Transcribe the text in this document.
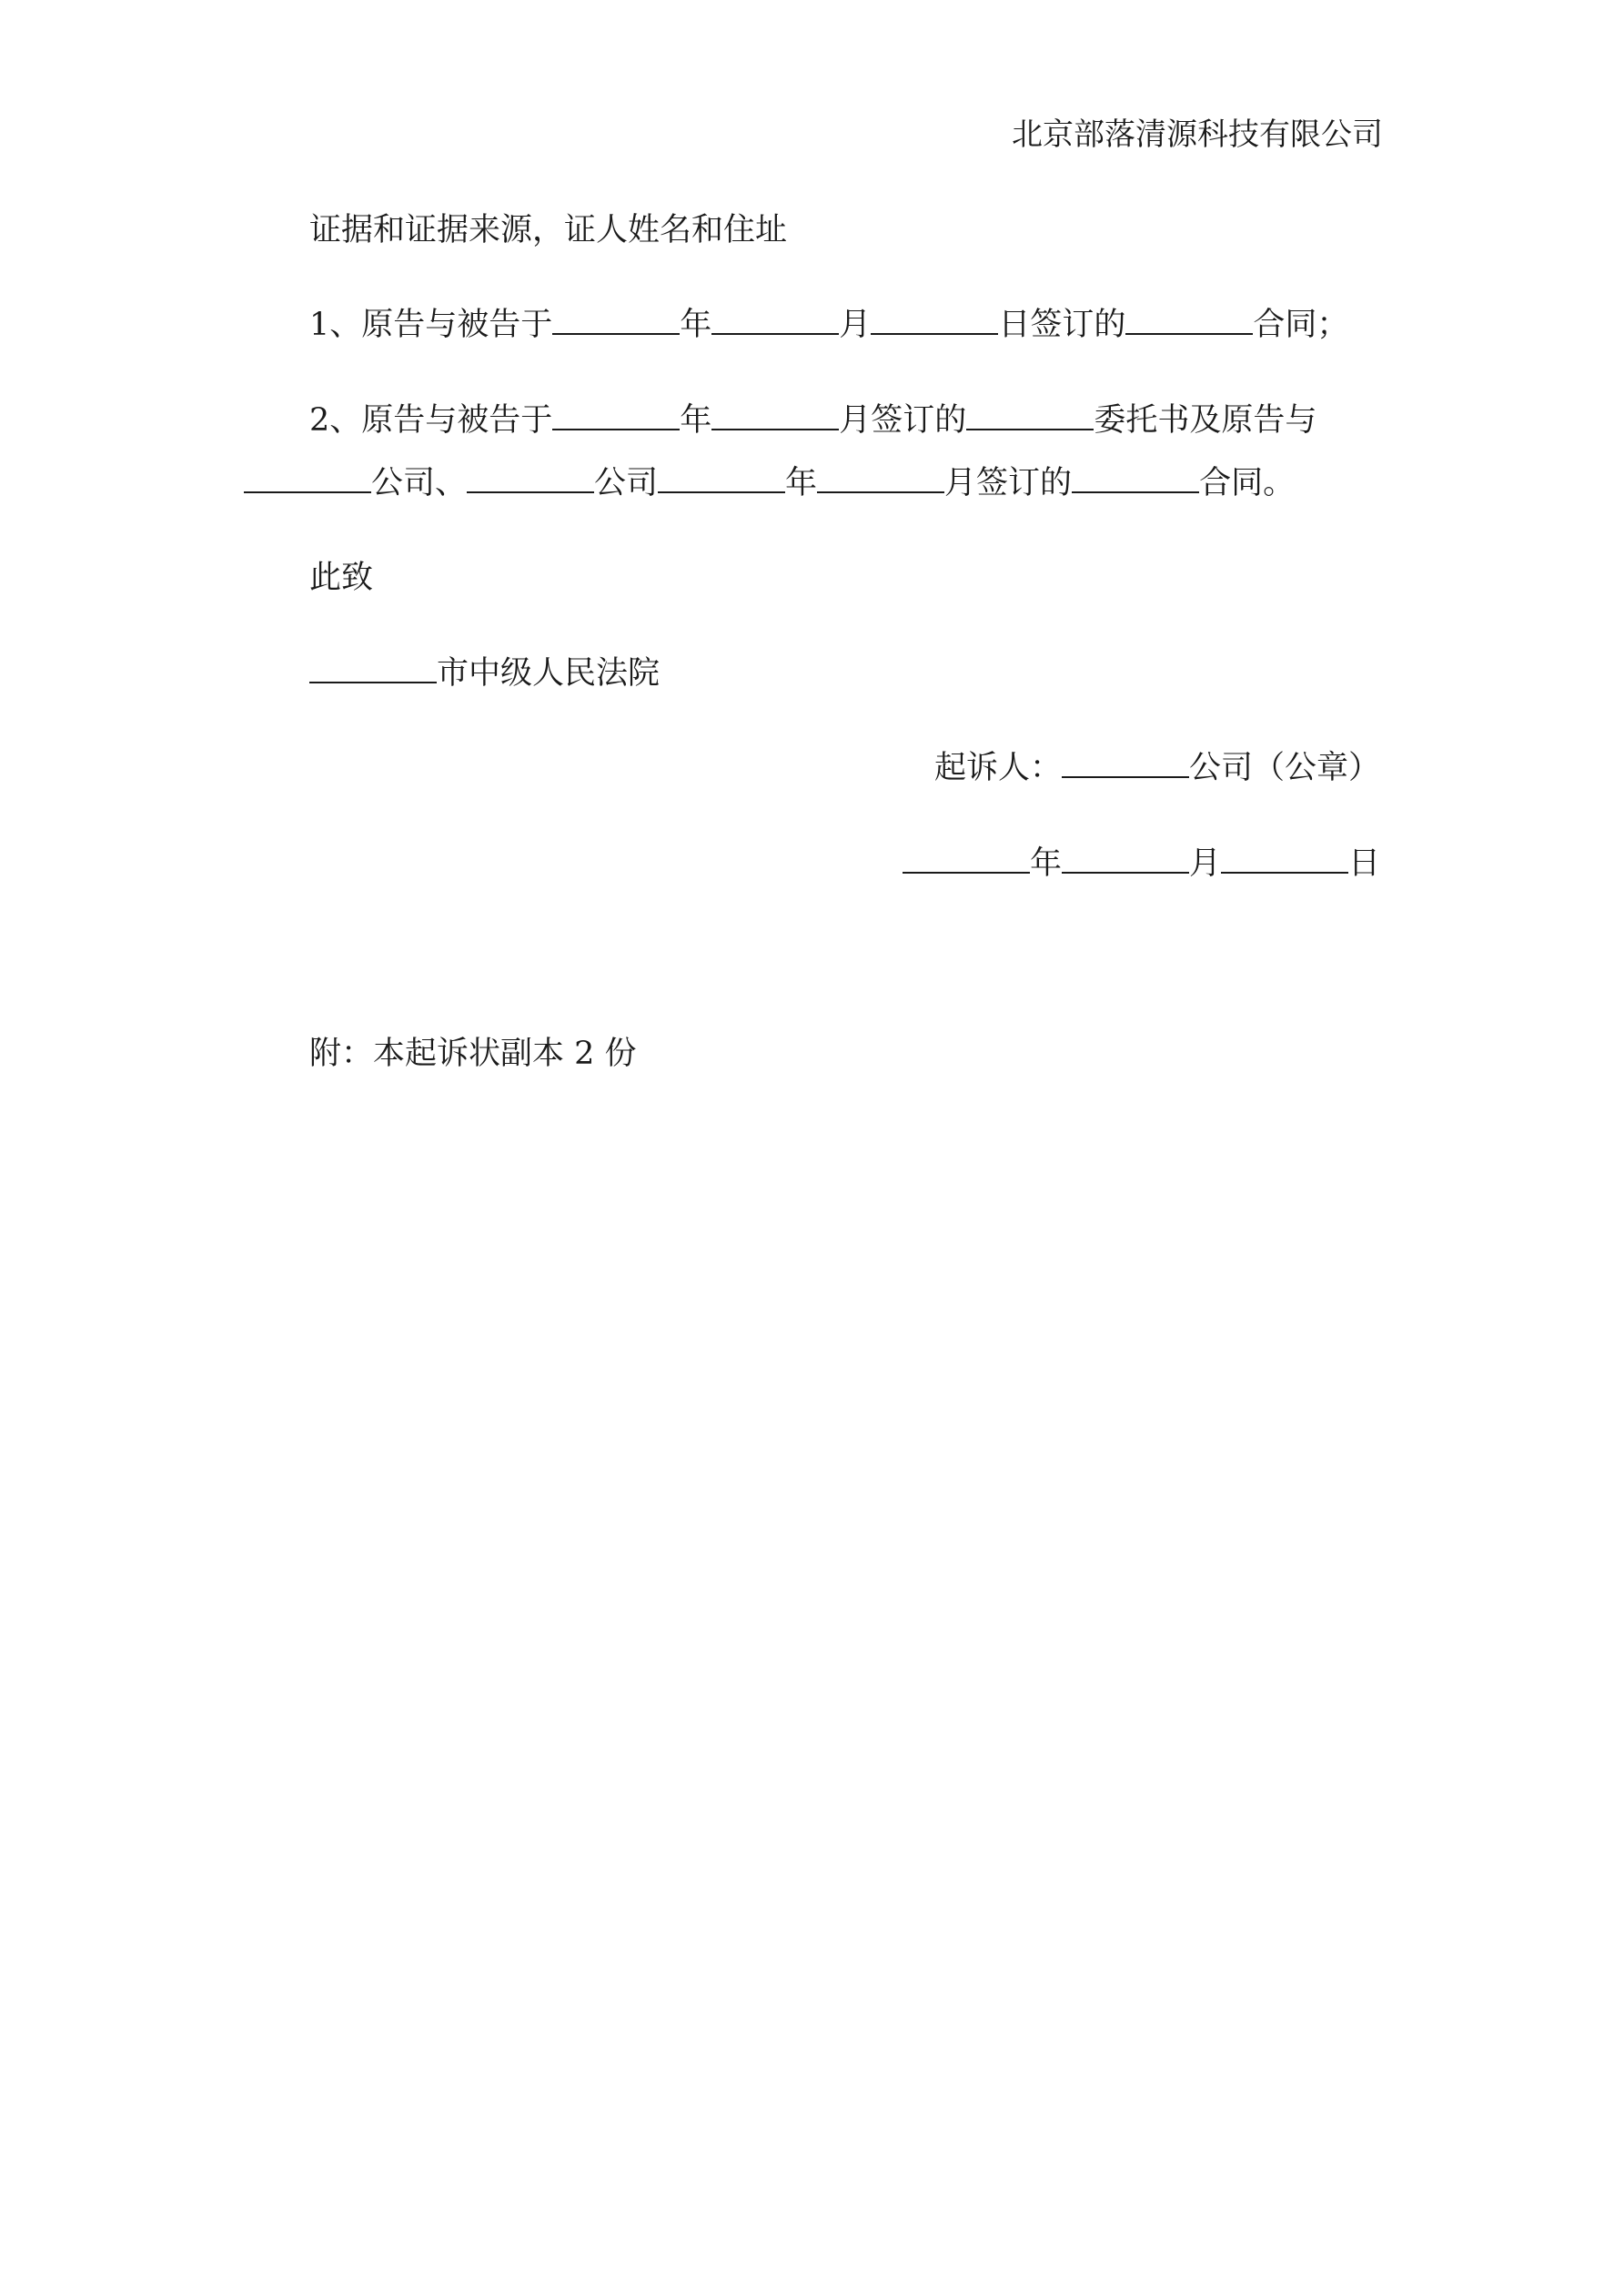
北京部落清源科技有限公司
证据和证据来源，证人姓名和住址
1、原告与被告于	年	月	日签订的	合同；
2、原告与被告于	年	月签订的	委托书及原告与
公司、	公司	年	月签订的	合同。
此致
市中级人民法院
起诉人：	公司（公章）
年	月	日
附：本起诉状副本 2 份
